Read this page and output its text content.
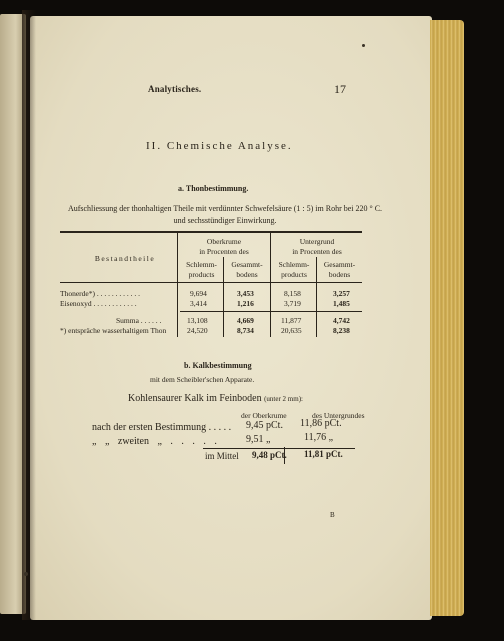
Analytisches.	17
II. Chemische Analyse.
a. Thonbestimmung.
Aufschliessung der thonhaltigen Theile mit verdünnter Schwefelsäure (1 : 5) im Rohr bei 220 ° C. und sechsstündiger Einwirkung.
Bestandtheile
Oberkrume
in Procenten des
Untergrund
in Procenten des
Schlemm-
products
Gesammt-
bodens
Schlemm-
products
Gesammt-
bodens
Thonerde*) . . . . . . . . . . . .	9,694	3,453	8,158	3,257
Eisenoxyd . . . . . . . . . . . .	3,414	1,216	3,719	1,485
Summa . . . . . .	13,108	4,669	11,877	4,742
*) entspräche wasserhaltigem Thon	24,520	8,734	20,635	8,238
b. Kalkbestimmung
mit dem Scheibler'schen Apparate.
Kohlensaurer Kalk im Feinboden (unter 2 mm):
der Oberkrume	des Untergrundes
nach der ersten Bestimmung . . . . . 9,45 pCt. 11,86 pCt.
„ „ zweiten „ . . . . .	9,51 „	11,76 „
im Mittel 9,48 pCt. 11,81 pCt.
B
